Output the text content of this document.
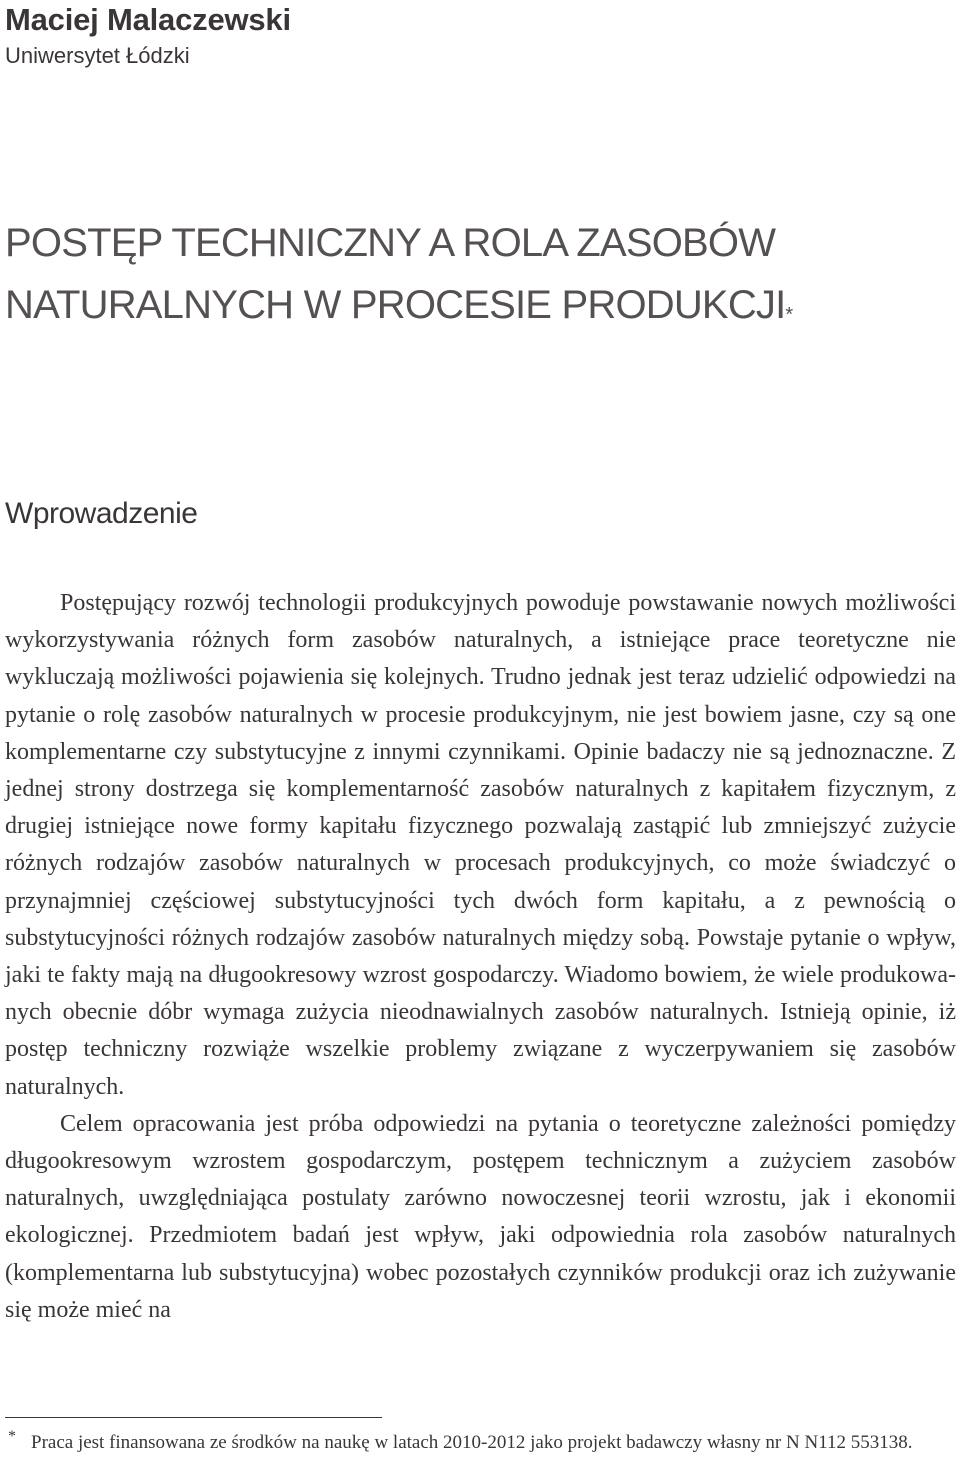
Maciej Malaczewski
Uniwersytet Łódzki
POSTĘP TECHNICZNY A ROLA ZASOBÓW
NATURALNYCH W PROCESIE PRODUKCJI*
Wprowadzenie

Postępujący rozwój technologii produkcyjnych powoduje powstawanie nowych możliwości wykorzystywania różnych form zasobów naturalnych, a istniejące prace teoretyczne nie wykluczają możliwości pojawienia się kolejnych. Trudno jednak jest teraz udzielić odpowiedzi na pytanie o rolę zasobów naturalnych w procesie produkcyjnym, nie jest bowiem jasne, czy są one komplementarne czy substytucyjne z innymi czynnikami. Opinie badaczy nie są jednoznaczne. Z jednej strony dostrzega się komplementarność zasobów naturalnych z kapitałem fizycznym, z drugiej istniejące nowe formy kapitału fizycznego pozwalają zastąpić lub zmniejszyć zużycie różnych rodzajów zasobów naturalnych w procesach produkcyjnych, co może świadczyć o przynajmniej częściowej substytucyjności tych dwóch form kapitału, a z pewnością o substytucyjności różnych rodzajów zasobów naturalnych między sobą. Powstaje pytanie o wpływ, jaki te fakty mają na długookresowy wzrost gospodarczy. Wiadomo bowiem, że wiele produkowanych obecnie dóbr wymaga zużycia nieodnawialnych zasobów naturalnych. Istnieją opinie, iż postęp techniczny rozwiąże wszelkie problemy związane z wyczerpywaniem się zasobów naturalnych.

Celem opracowania jest próba odpowiedzi na pytania o teoretyczne zależności pomiędzy długookresowym wzrostem gospodarczym, postępem technicznym a zużyciem zasobów naturalnych, uwzględniająca postulaty zarówno nowoczesnej teorii wzrostu, jak i ekonomii ekologicznej. Przedmiotem badań jest wpływ, jaki odpowiednia rola zasobów naturalnych (komplementarna lub substytucyjna) wobec pozostałych czynników produkcji oraz ich zużywanie się może mieć na

* Praca jest finansowana ze środków na naukę w latach 2010-2012 jako projekt badawczy własny nr N N112 553138.
